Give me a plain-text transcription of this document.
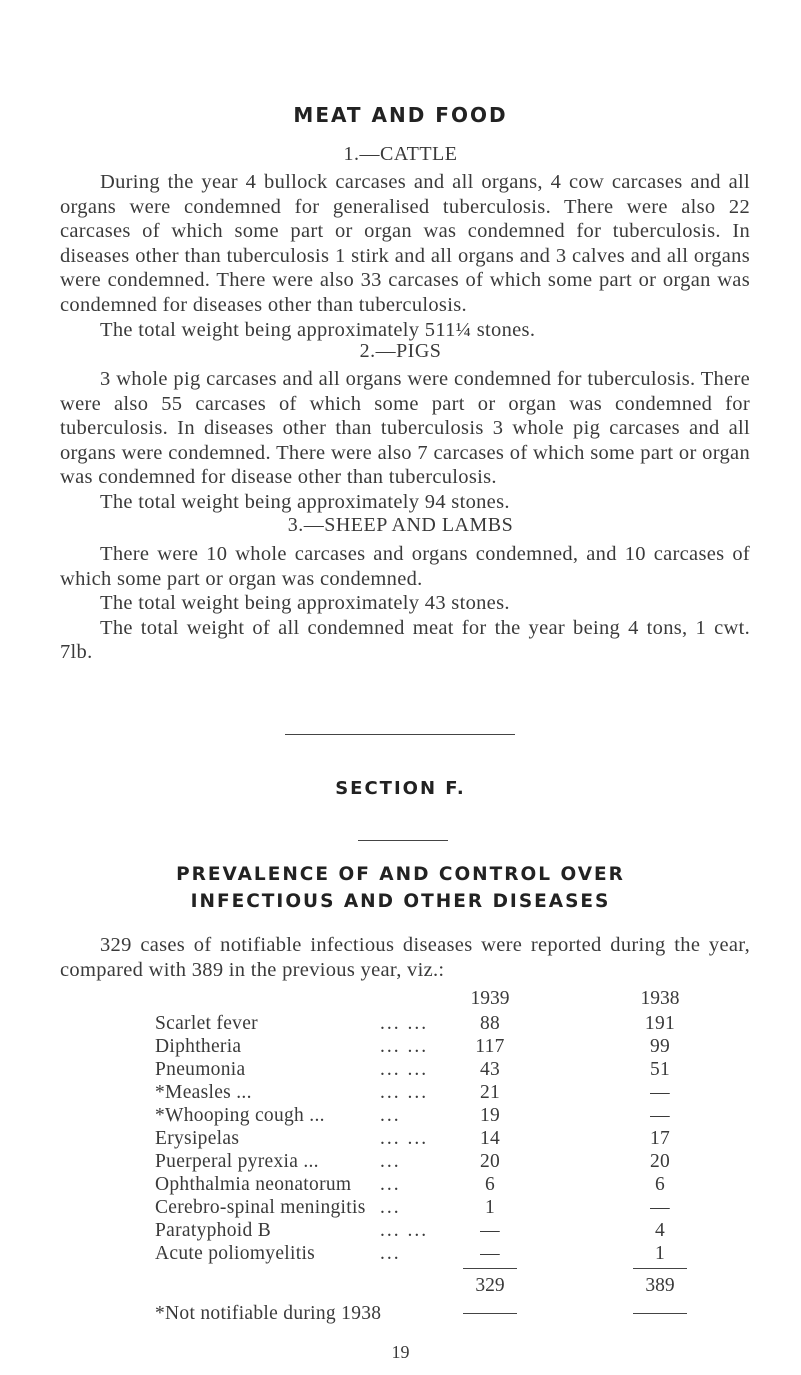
MEAT AND FOOD
1.—CATTLE

During the year 4 bullock carcases and all organs, 4 cow carcases and all organs were condemned for generalised tuberculosis. There were also 22 carcases of which some part or organ was condemned for tuberculosis. In diseases other than tuberculosis 1 stirk and all organs and 3 calves and all organs were condemned. There were also 33 carcases of which some part or organ was condemned for diseases other than tuberculosis.

The total weight being approximately 511¼ stones.

2.—PIGS

3 whole pig carcases and all organs were condemned for tuberculosis. There were also 55 carcases of which some part or organ was condemned for tuberculosis. In diseases other than tuberculosis 3 whole pig carcases and all organs were condemned. There were also 7 carcases of which some part or organ was condemned for disease other than tuberculosis.

The total weight being approximately 94 stones.

3.—SHEEP AND LAMBS

There were 10 whole carcases and organs condemned, and 10 carcases of which some part or organ was condemned.

The total weight being approximately 43 stones.

The total weight of all condemned meat for the year being 4 tons, 1 cwt. 7lb.

SECTION F.
PREVALENCE OF AND CONTROL OVER
INFECTIOUS AND OTHER DISEASES

329 cases of notifiable infectious diseases were reported during the year, compared with 389 in the previous year, viz.:

1939	1938
Scarlet fever	... ...	88	191
Diphtheria	... ...	117	99
Pneumonia	... ...	43	51
*Measles ...	... ...	21	—
*Whooping cough ...	...	19	—
Erysipelas	... ...	14	17
Puerperal pyrexia ...	...	20	20
Ophthalmia neonatorum ...	6	6
Cerebro-spinal meningitis ...	1	—
Paratyphoid B	... ...	—	4
Acute poliomyelitis	...	—	1
329	389
*Not notifiable during 1938
19
